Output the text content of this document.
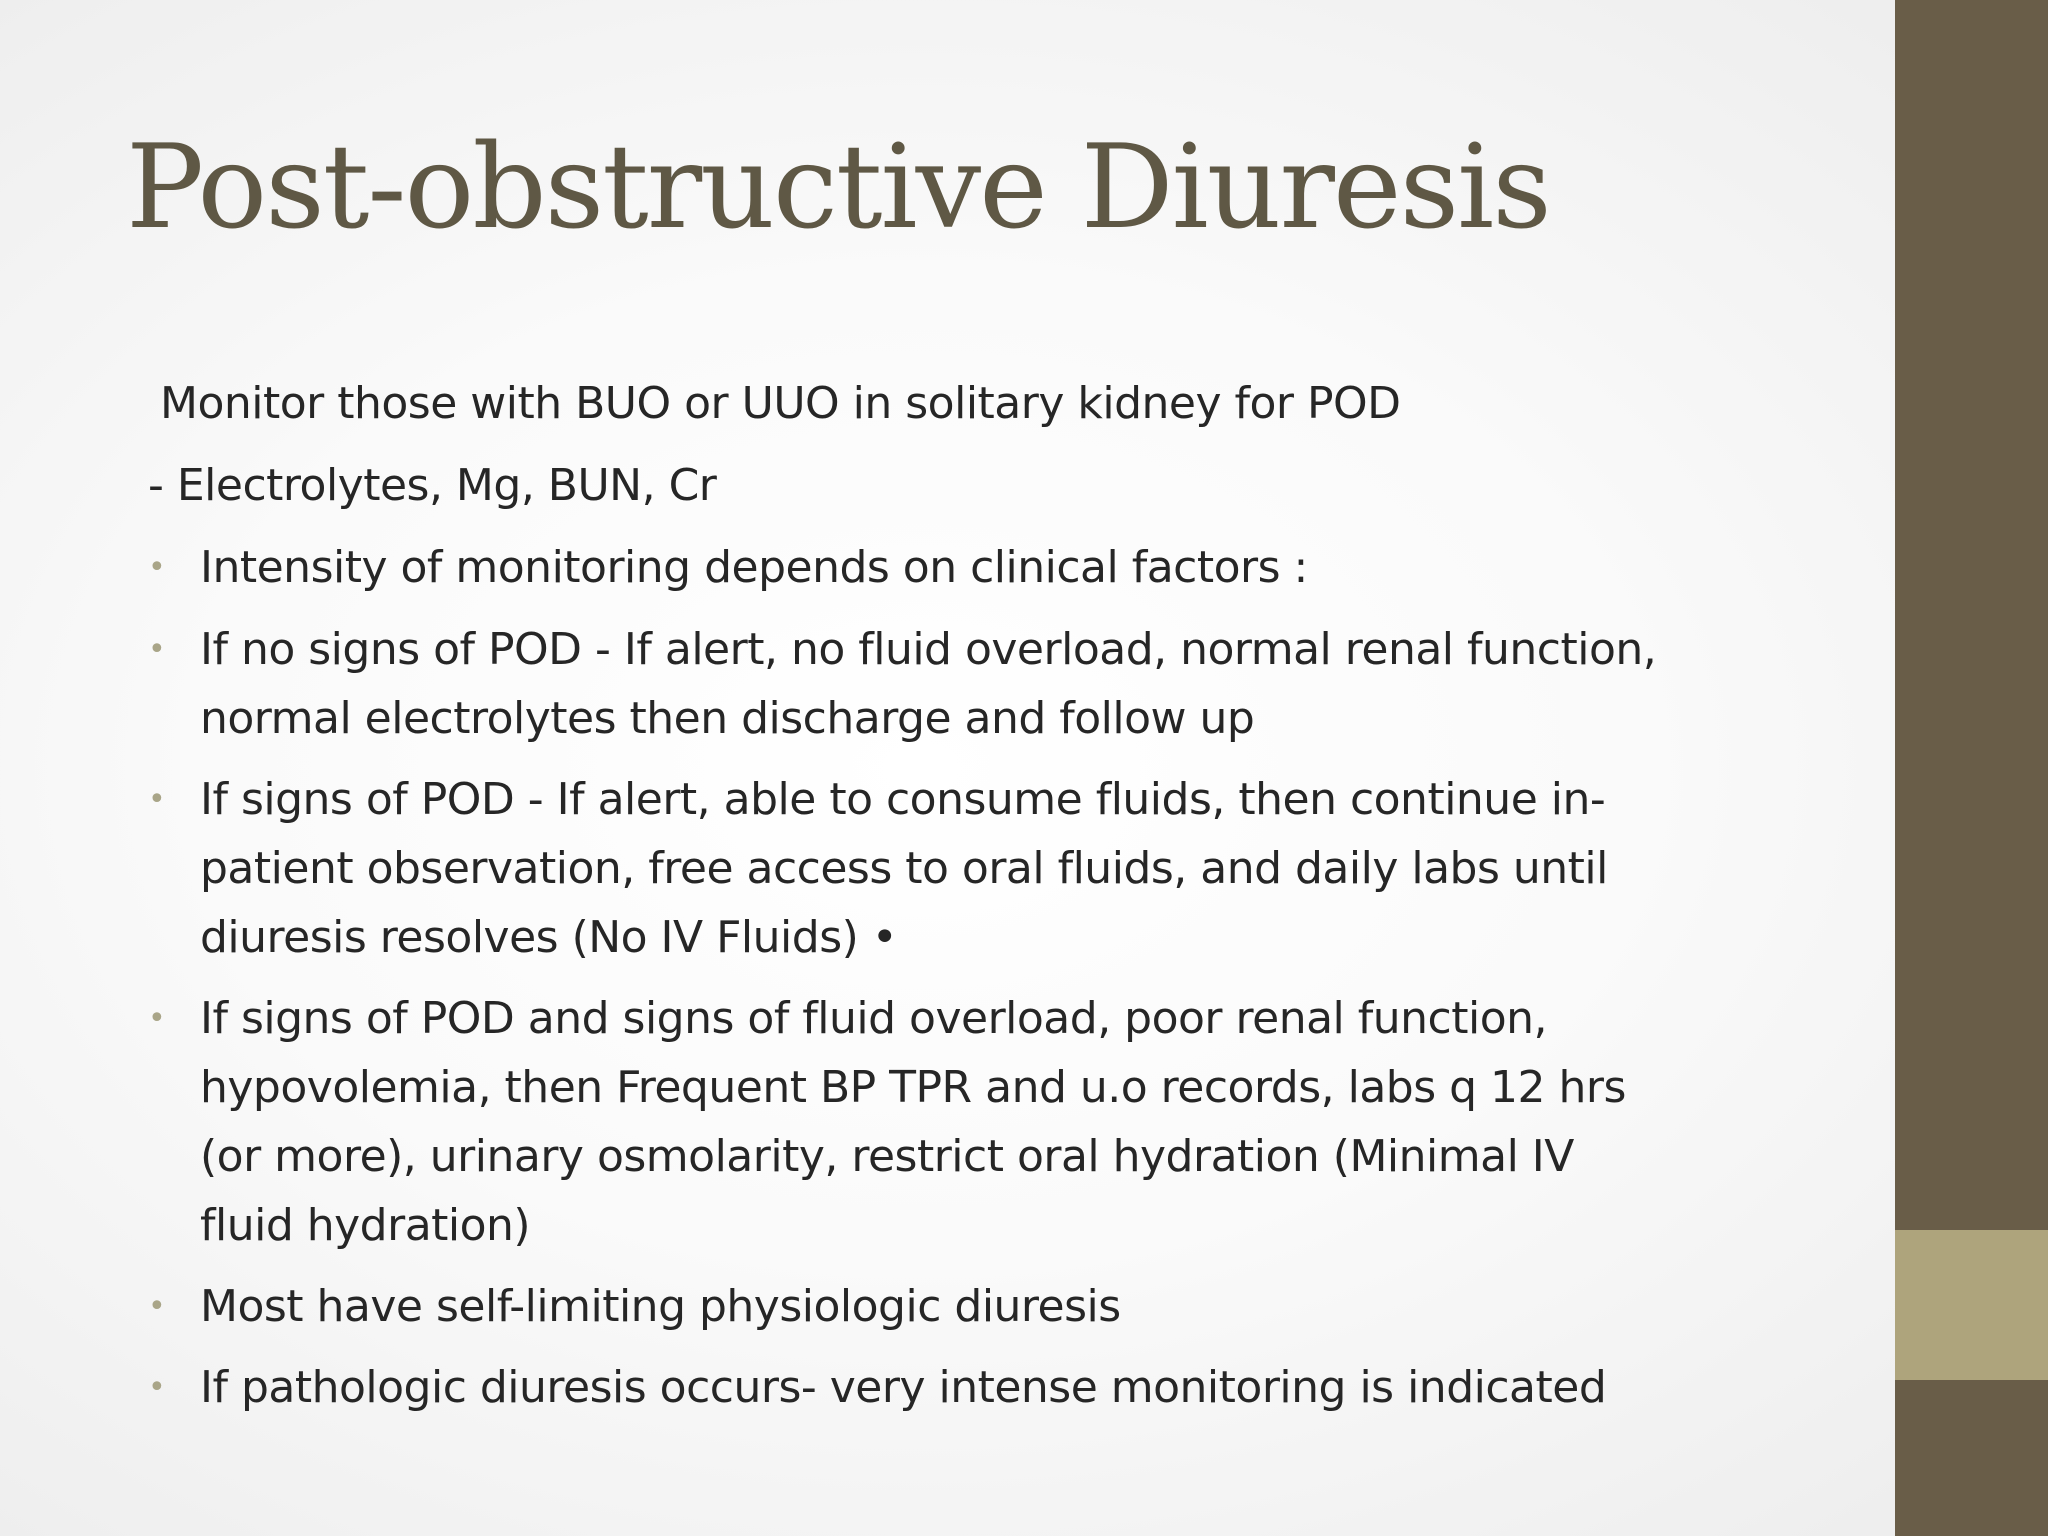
Post-obstructive Diuresis
Monitor those with BUO or UUO in solitary kidney for POD
- Electrolytes, Mg, BUN, Cr
• Intensity of monitoring depends on clinical factors :
• If no signs of POD - If alert, no fluid overload, normal renal function,
normal electrolytes then discharge and follow up
• If signs of POD - If alert, able to consume fluids, then continue in-
patient observation, free access to oral fluids, and daily labs until
diuresis resolves (No IV Fluids) •
• If signs of POD and signs of fluid overload, poor renal function,
hypovolemia, then Frequent BP TPR and u.o records, labs q 12 hrs
(or more), urinary osmolarity, restrict oral hydration (Minimal IV
fluid hydration)
• Most have self-limiting physiologic diuresis
• If pathologic diuresis occurs- very intense monitoring is indicated
